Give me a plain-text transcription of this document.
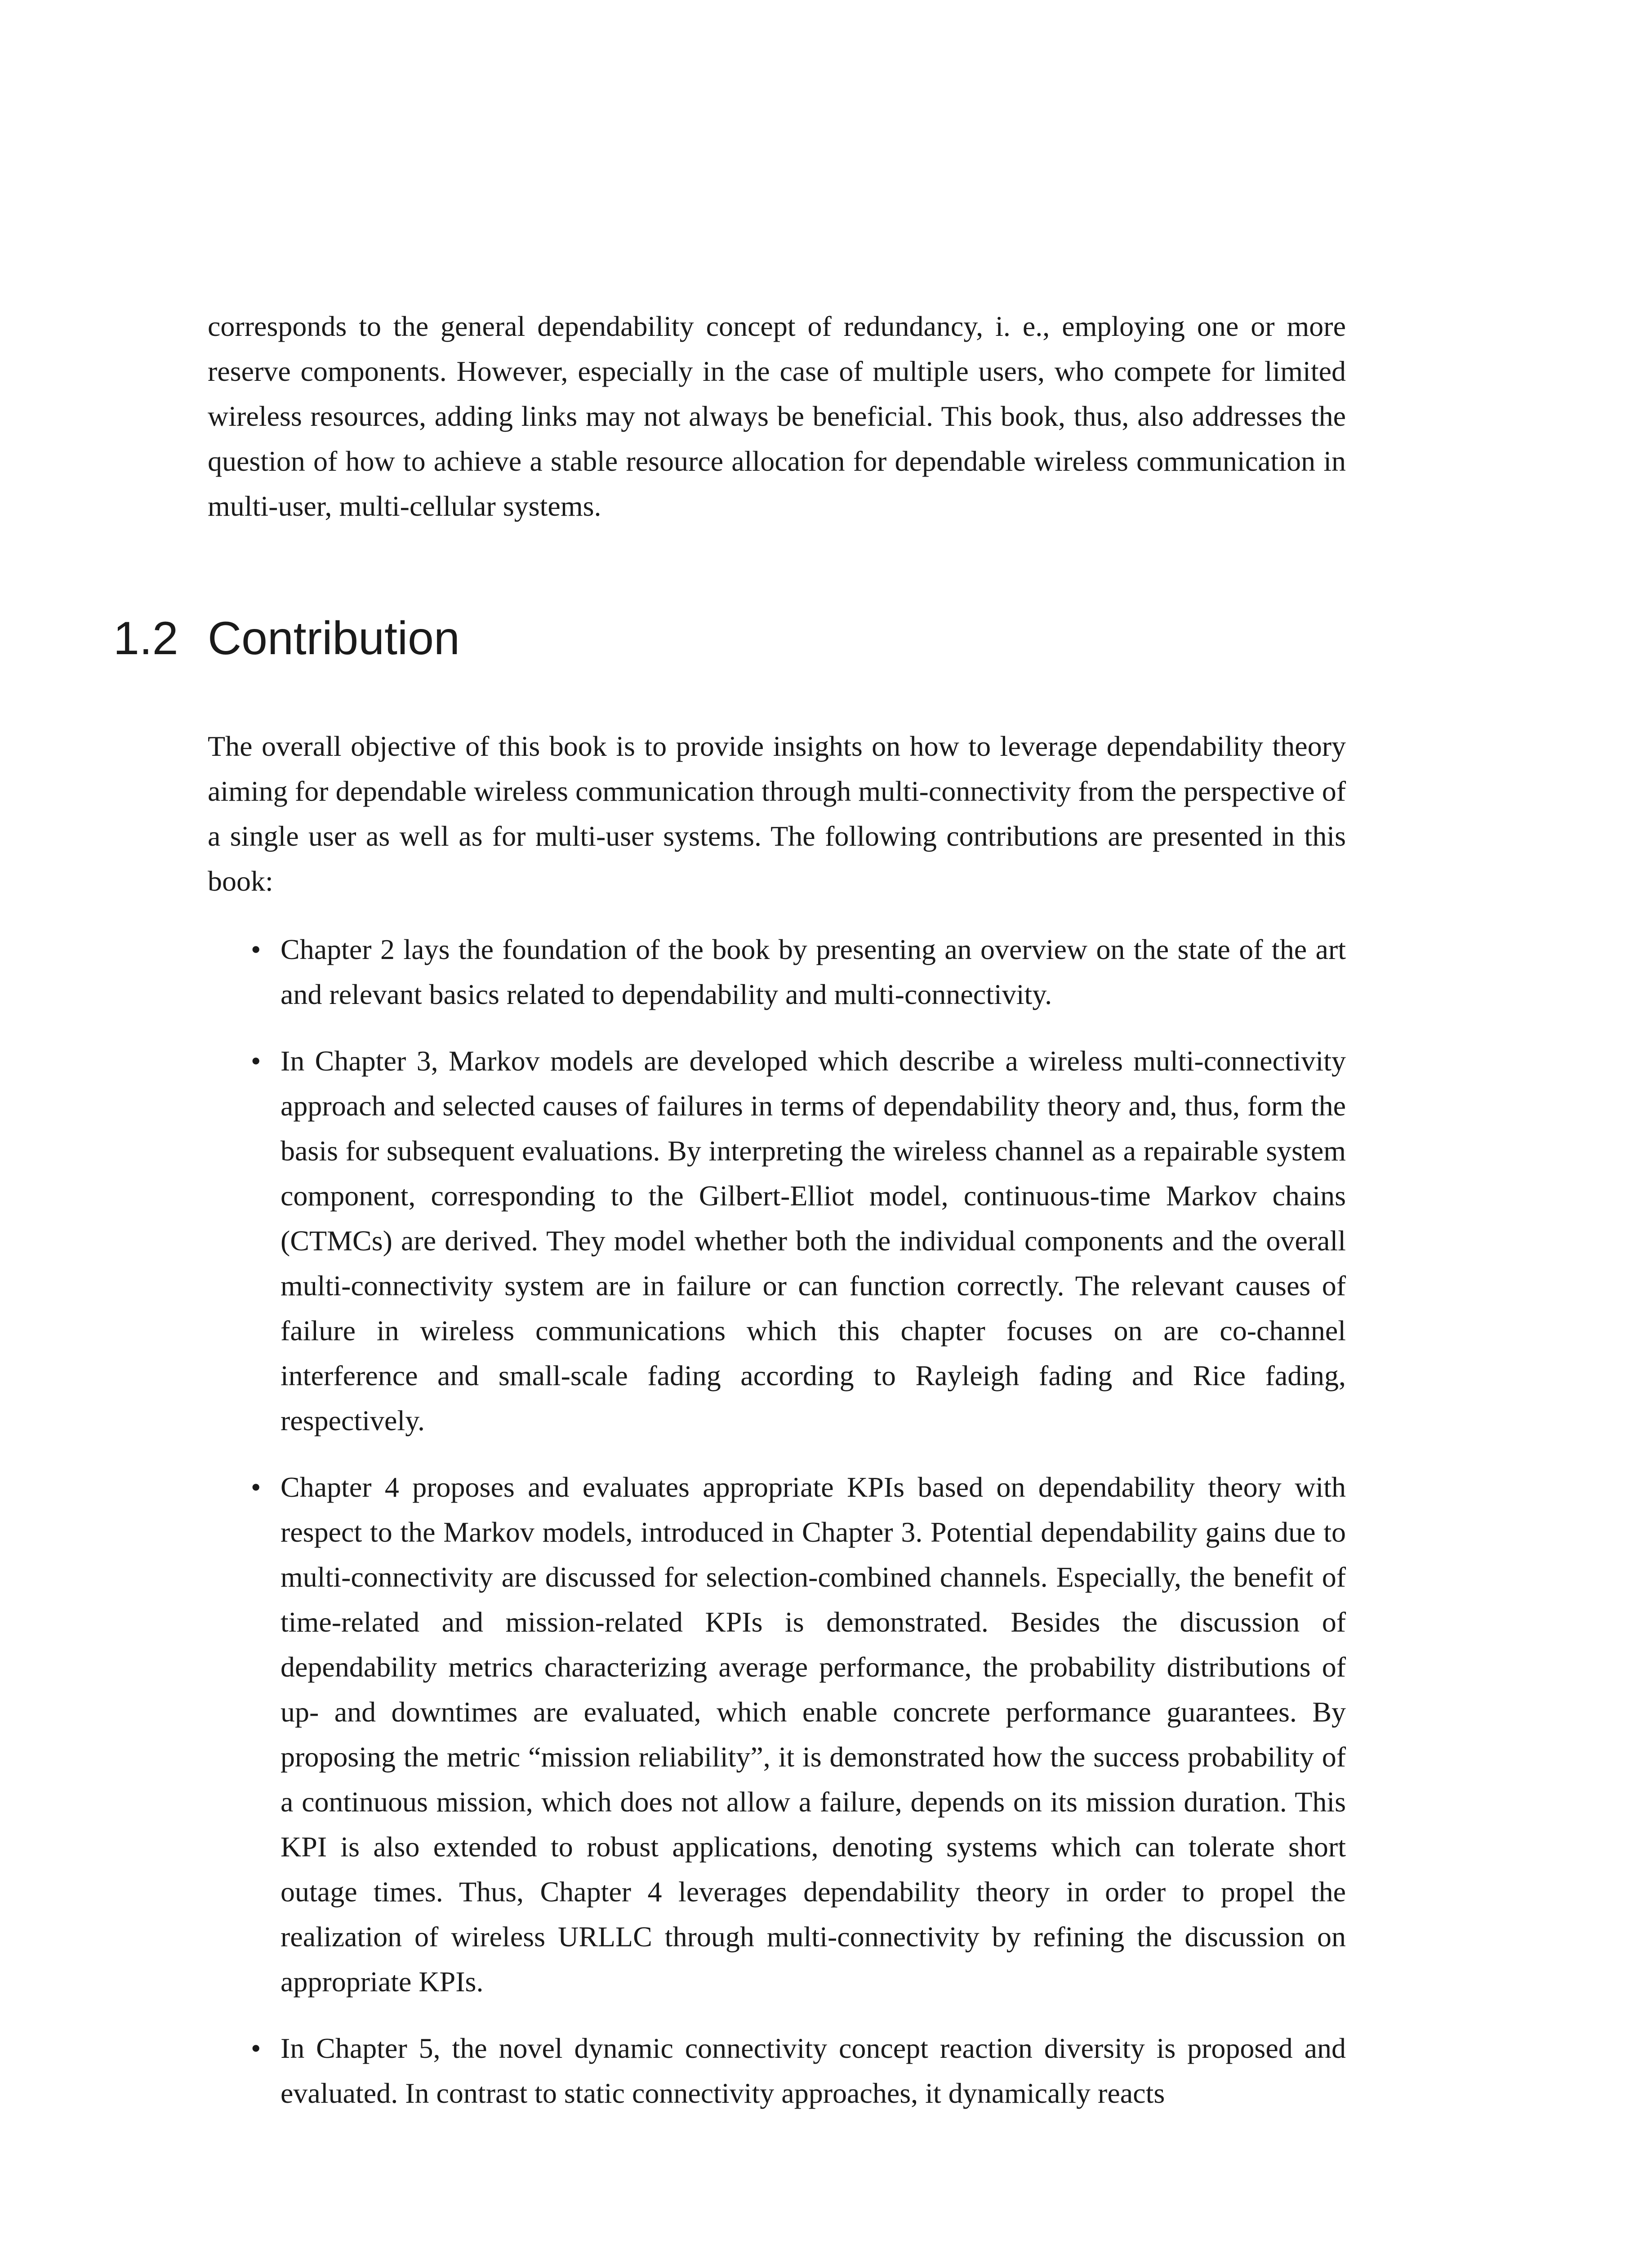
corresponds to the general dependability concept of redundancy, i. e., employing one or more reserve components. However, especially in the case of multiple users, who compete for limited wireless resources, adding links may not always be beneficial. This book, thus, also addresses the question of how to achieve a stable resource allocation for dependable wireless communication in multi-user, multi-cellular systems.

1.2 Contribution

The overall objective of this book is to provide insights on how to leverage dependability theory aiming for dependable wireless communication through multi-connectivity from the perspective of a single user as well as for multi-user systems. The following contributions are presented in this book:

• Chapter 2 lays the foundation of the book by presenting an overview on the state of the art and relevant basics related to dependability and multi-connectivity.
• In Chapter 3, Markov models are developed which describe a wireless multi-connectivity approach and selected causes of failures in terms of dependability theory and, thus, form the basis for subsequent evaluations. By interpreting the wireless channel as a repairable system component, corresponding to the Gilbert-Elliot model, continuous-time Markov chains (CTMCs) are derived. They model whether both the individual components and the overall multi-connectivity system are in failure or can function correctly. The relevant causes of failure in wireless communications which this chapter focuses on are co-channel interference and small-scale fading according to Rayleigh fading and Rice fading, respectively.
• Chapter 4 proposes and evaluates appropriate KPIs based on dependability theory with respect to the Markov models, introduced in Chapter 3. Potential dependability gains due to multi-connectivity are discussed for selection-combined channels. Especially, the benefit of time-related and mission-related KPIs is demonstrated. Besides the discussion of dependability metrics characterizing average performance, the probability distributions of up- and downtimes are evaluated, which enable concrete performance guarantees. By proposing the metric “mission reliability”, it is demonstrated how the success probability of a continuous mission, which does not allow a failure, depends on its mission duration. This KPI is also extended to robust applications, denoting systems which can tolerate short outage times. Thus, Chapter 4 leverages dependability theory in order to propel the realization of wireless URLLC through multi-connectivity by refining the discussion on appropriate KPIs.
• In Chapter 5, the novel dynamic connectivity concept reaction diversity is proposed and evaluated. In contrast to static connectivity approaches, it dynamically reacts
